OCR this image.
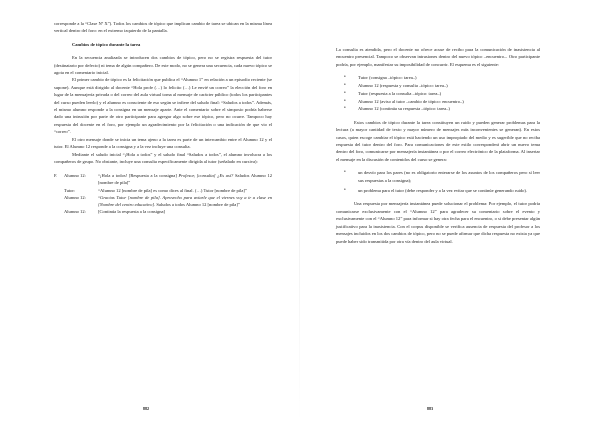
corresponde a la “Clase Nº X”). Todos los cambios de tópico que implican cambio de tarea se ubican en la misma línea vertical dentro del foro: en el extremo izquierdo de la pantalla.

Cambios de tópico durante la tarea

En la secuencia analizada se introducen dos cambios de tópico, pero no se registra respuesta del tutor (destinatario por defecto) ni tema de algún compañero. De este modo, no se genera una secuencia, cada nuevo tópico se agota en el comentario inicial.

El primer cambio de tópico es la felicitación que publica el “Alumno 1” en relación a un episodio reciente (se supone). Aunque está dirigido al docente “Hola profe (…) lo felicito (…) Le envié un correo” la elección del foro en lugar de la mensajería privada o del correo del aula virtual torna al mensaje de carácter público (todos los participantes del curso pueden leerlo) y el alumno es consciente de eso según se infiere del saludo final: “Saludos a todos”. Además, el mismo alumno responde a la consigna en un mensaje aparte. Ante el comentario sobre el simposio podría haberse dado una intrusión por parte de otro participante para agregar algo sobre ese tópico, pero no ocurre. Tampoco hay respuesta del docente en el foro, por ejemplo un agradecimiento por la felicitación o una indicación de que vio el “correo”.

El otro mensaje donde se inicia un tema ajeno a la tarea es parte de un intercambio entre el Alumno 12 y el tutor. El Alumno 12 responde a la consigna y a la vez incluye una consulta.

Mediante el saludo inicial “¡Hola a todos” y el saludo final “Saludos a todos”, el alumno involucra a los compañeros de grupo. No obstante, incluye una consulta específicamente dirigida al tutor (señalado en cursiva):

F.	Alumno 12:	“¡Hola a todos! [Respuesta a la consigna] Profesor, [consulta] ¿Es así? Saludos Alumno 12 [nombre de pila]”
	Tutor:	“Alumno 12 [nombre de pila] es como dices al final. (…) Tutor [nombre de pila]”
	Alumno 12:	“Gracias Tutor [nombre de pila]. Aprovecho para aviarle que el viernes voy a ir a clase en [Nombre del centro educativo]. Saludos a todos Alumno 12 [nombre de pila]”
	Alumno 12:	[Continúa la respuesta a la consigna]
882

La consulta es atendida, pero el docente no ofrece acuse de recibo para la comunicación de inasistencia al encuentro presencial. Tampoco se observan intrusiones dentro del nuevo tópico –encuentro–. Otro participante podría, por ejemplo, manifestar su imposibilidad de concurrir. El esquema es el siguiente:

•	Tutor (consigna –tópico: tarea–)
•	Alumno 12 (respuesta y consulta –tópico: tarea–)
•	Tutor (respuesta a la consulta –tópico: tarea–)
•	Alumno 12 (aviso al tutor –cambio de tópico: encuentro–)
•	Alumno 12 (continúa su respuesta –tópico: tarea–)

Estos cambios de tópico durante la tarea constituyen un ruido y pueden generar problemas para la lectura (a mayor cantidad de texto y mayor número de mensajes más inconvenientes se generan). En estos casos, quien escoge cambiar el tópico está haciendo un uso impropiado del medio y es sugerible que no reciba respuesta del tutor dentro del foro. Para comunicaciones de este estilo corresponderá abrir un nuevo tema dentro del foro, comunicarse por mensajería instantánea o por el correo electrónico de la plataforma. Al insertar el mensaje en la discusión de contenidos del curso se genera:

•	un desvío para los pares (no es obligatorio enterarse de los asuntos de los compañeros pero sí leer sus respuestas a la consigna);
•	un problema para el tutor (debe responder y a la vez evitar que se continúe generando ruido).

Una respuesta por mensajería instantánea puede solucionar el problema: Por ejemplo, el tutor podría comunicarse exclusivamente con el “Alumno 12” para agradecer su comentario sobre el evento y exclusivamente con el “Alumno 12” para informar si hay otra fecha para el encuentro, o si debe presentar algún justificativo para la inasistencia. Con el corpus disponible se verifica ausencia de respuesta del profesor a los mensajes incluidos en los dos cambios de tópico, pero no se puede afirmar que dicha respuesta no exista ya que puede haber sido transmitida por otra vía dentro del aula virtual.

883
